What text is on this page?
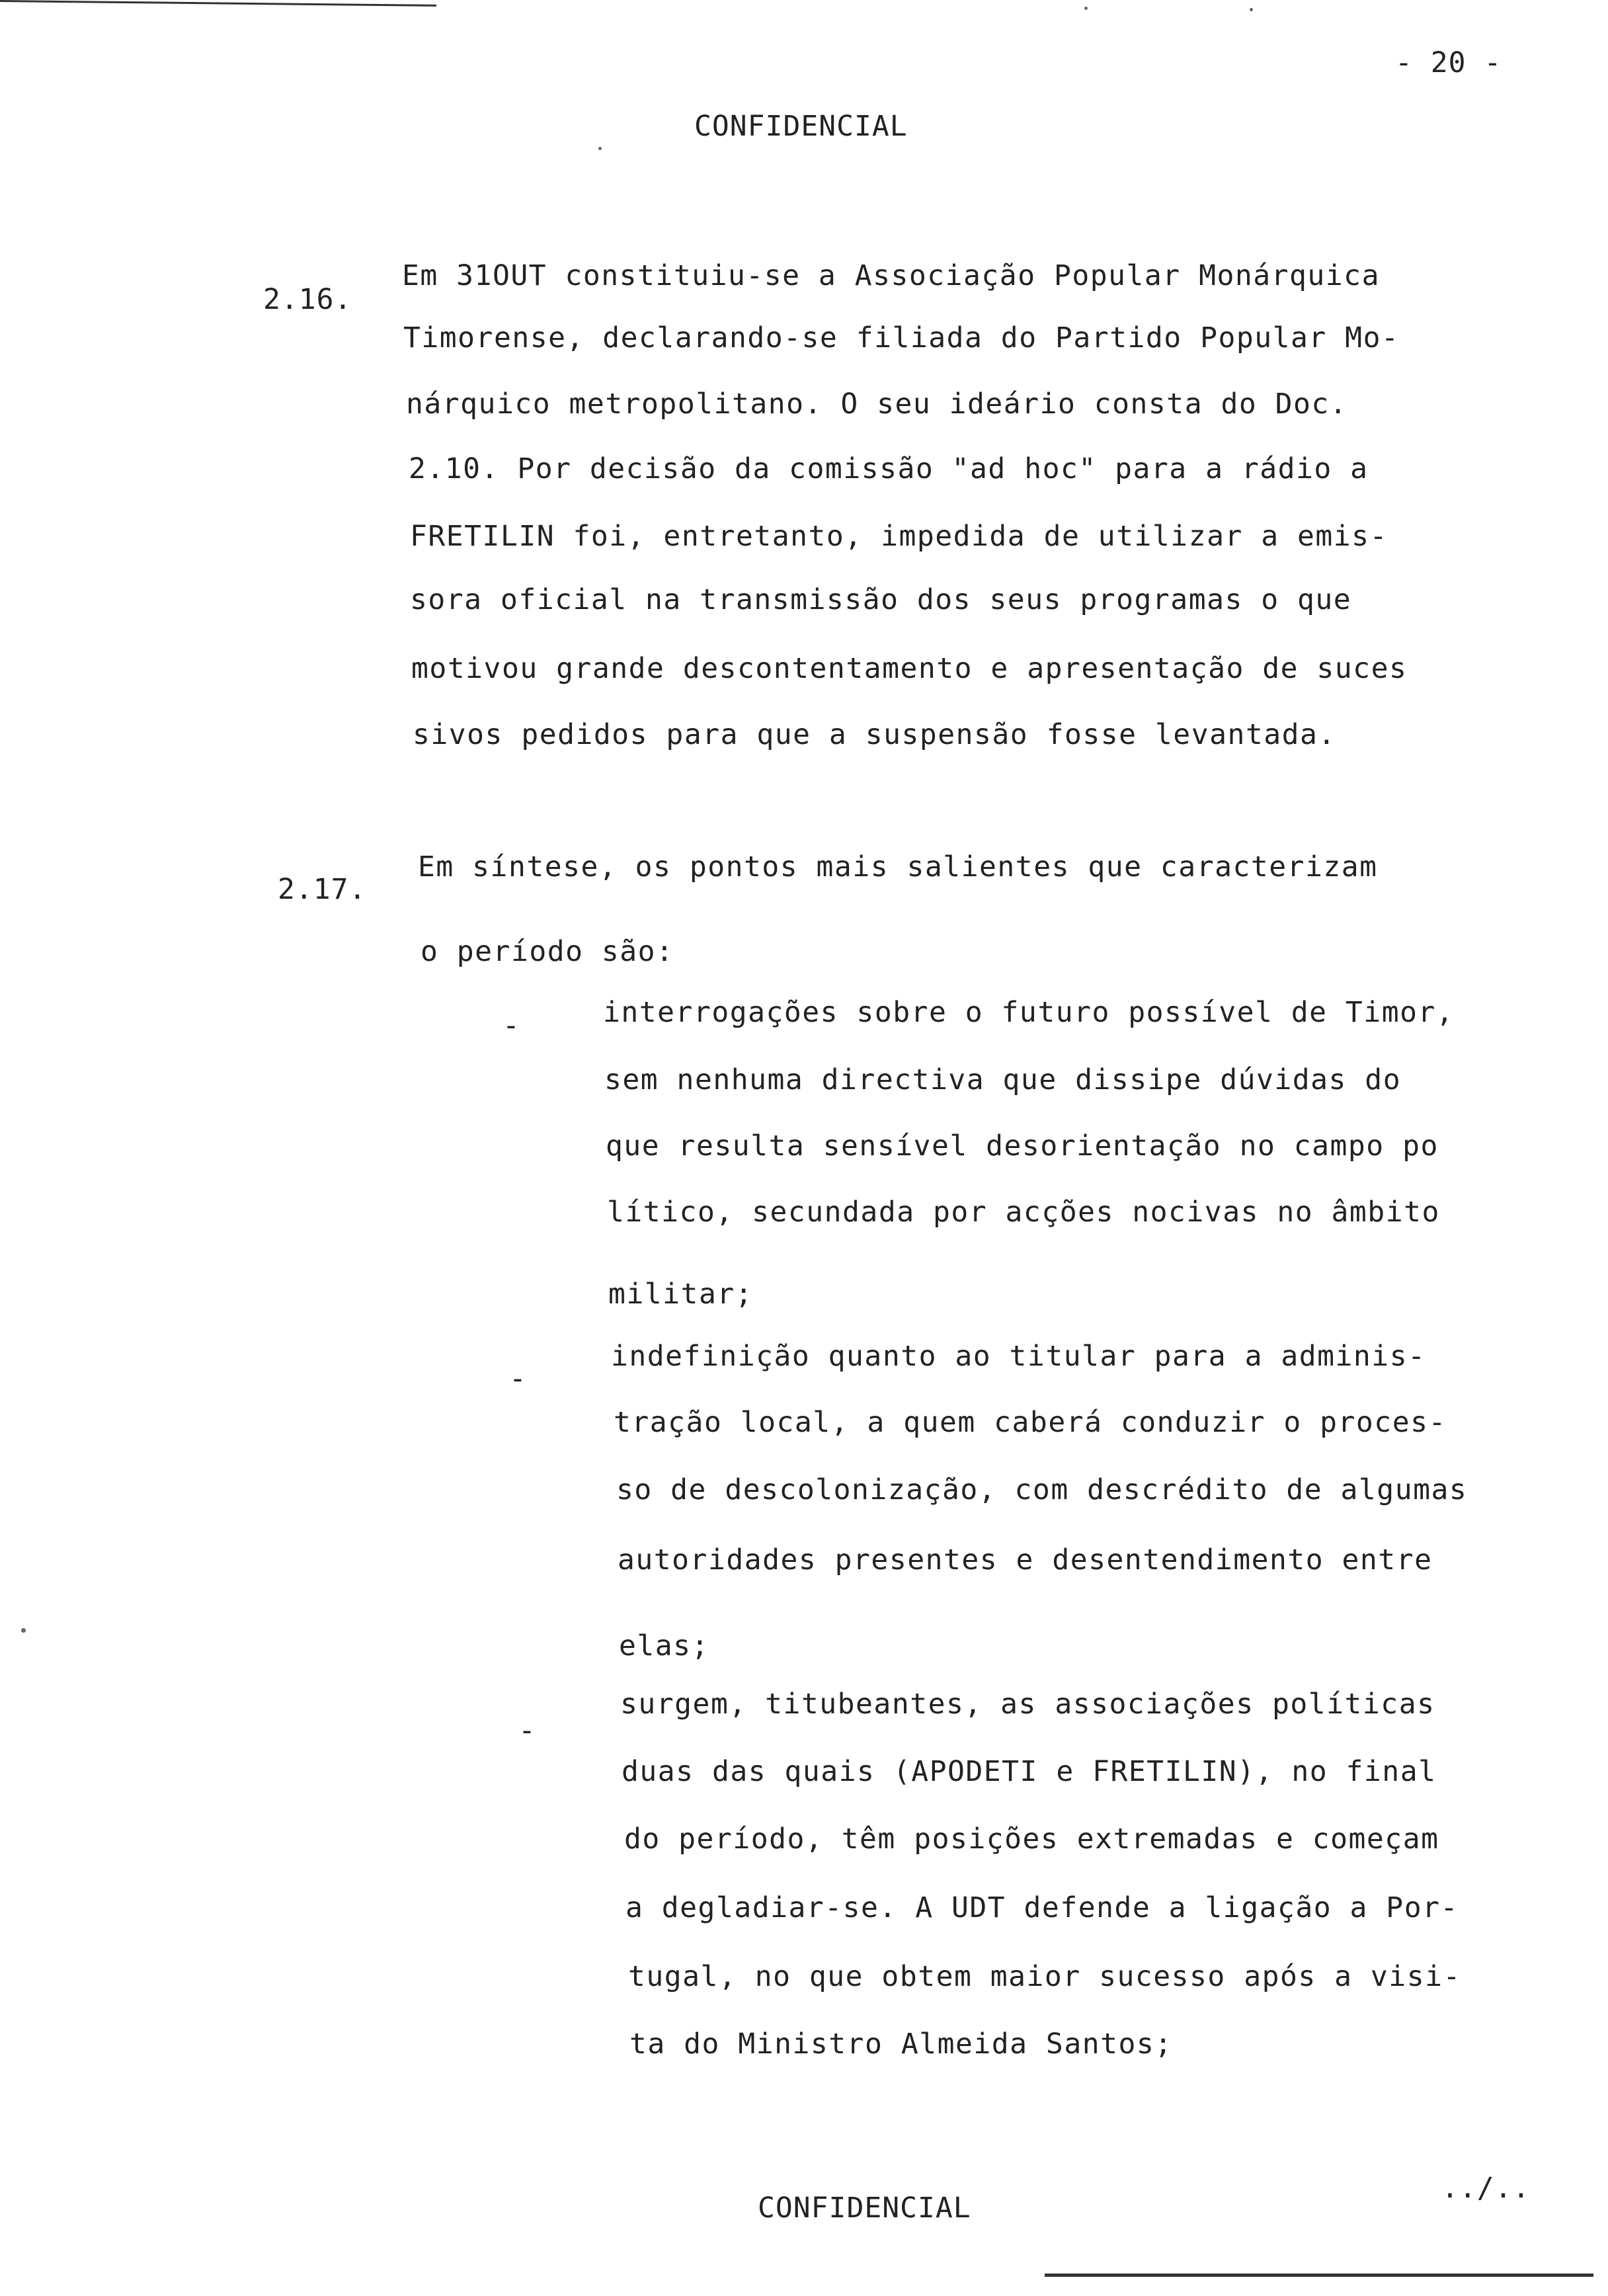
- 20 -
CONFIDENCIAL
2.16.
Em 31OUT constituiu-se a Associação Popular Monárquica
Timorense, declarando-se filiada do Partido Popular Mo-
nárquico metropolitano. O seu ideário consta do Doc.
2.10. Por decisão da comissão "ad hoc" para a rádio a
FRETILIN foi, entretanto, impedida de utilizar a emis-
sora oficial na transmissão dos seus programas o que
motivou grande descontentamento e apresentação de suces
sivos pedidos para que a suspensão fosse levantada.
2.17.
Em síntese, os pontos mais salientes que caracterizam
o período são:
-	interrogações sobre o futuro possível de Timor,
sem nenhuma directiva que dissipe dúvidas do
que resulta sensível desorientação no campo po
lítico, secundada por acções nocivas no âmbito
militar;
-
indefinição quanto ao titular para a adminis-
tração local, a quem caberá conduzir o proces-
so de descolonização, com descrédito de algumas
autoridades presentes e desentendimento entre
elas;
-
surgem, titubeantes, as associações políticas
duas das quais (APODETI e FRETILIN), no final
do período, têm posições extremadas e começam
a degladiar-se. A UDT defende a ligação a Por-
tugal, no que obtem maior sucesso após a visi-
ta do Ministro Almeida Santos;
CONFIDENCIAL
../..
